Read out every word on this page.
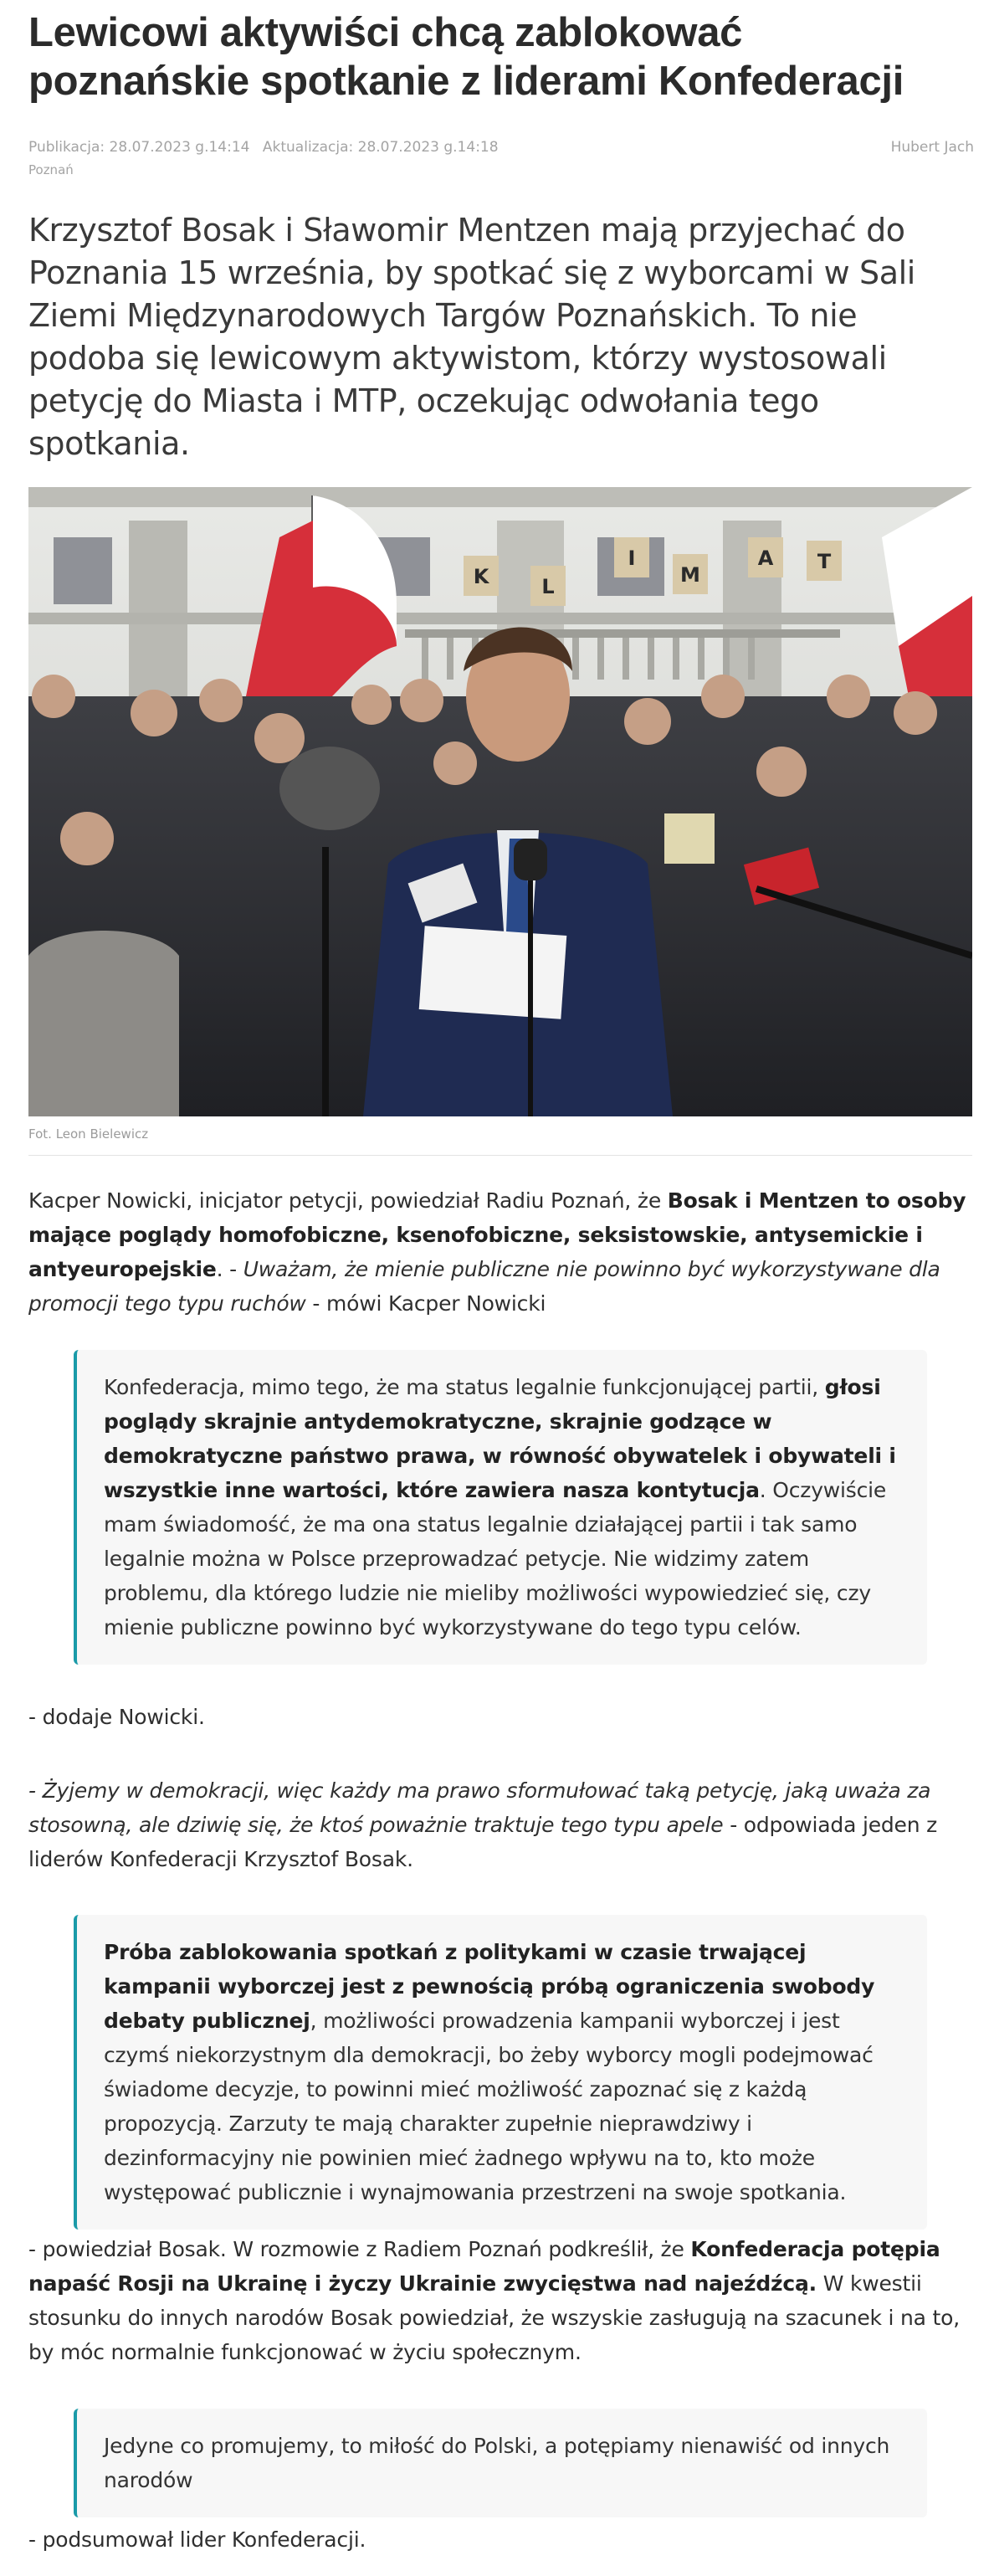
Lewicowi aktywiści chcą zablokować poznańskie spotkanie z liderami Konfederacji
Publikacja: 28.07.2023 g.14:14 Aktualizacja: 28.07.2023 g.14:18	Hubert Jach
Poznań

Krzysztof Bosak i Sławomir Mentzen mają przyjechać do Poznania 15 września, by spotkać się z wyborcami w Sali Ziemi Międzynarodowych Targów Poznańskich. To nie podoba się lewicowym aktywistom, którzy wystosowali petycję do Miasta i MTP, oczekując odwołania tego spotkania.

K	L
I
M
A T
Fot. Leon Bielewicz

Kacper Nowicki, inicjator petycji, powiedział Radiu Poznań, że Bosak i Mentzen to osoby mające poglądy homofobiczne, ksenofobiczne, seksistowskie, antysemickie i antyeuropejskie. - Uważam, że mienie publiczne nie powinno być wykorzystywane dla promocji tego typu ruchów - mówi Kacper Nowicki

Konfederacja, mimo tego, że ma status legalnie funkcjonującej partii, głosi poglądy skrajnie antydemokratyczne, skrajnie godzące w demokratyczne państwo prawa, w równość obywatelek i obywateli i wszystkie inne wartości, które zawiera nasza kontytucja. Oczywiście mam świadomość, że ma ona status legalnie działającej partii i tak samo legalnie można w Polsce przeprowadzać petycje. Nie widzimy zatem problemu, dla którego ludzie nie mieliby możliwości wypowiedzieć się, czy mienie publiczne powinno być wykorzystywane do tego typu celów.

- dodaje Nowicki.

- Żyjemy w demokracji, więc każdy ma prawo sformułować taką petycję, jaką uważa za stosowną, ale dziwię się, że ktoś poważnie traktuje tego typu apele - odpowiada jeden z liderów Konfederacji Krzysztof Bosak.

Próba zablokowania spotkań z politykami w czasie trwającej kampanii wyborczej jest z pewnością próbą ograniczenia swobody debaty publicznej, możliwości prowadzenia kampanii wyborczej i jest czymś niekorzystnym dla demokracji, bo żeby wyborcy mogli podejmować świadome decyzje, to powinni mieć możliwość zapoznać się z każdą propozycją. Zarzuty te mają charakter zupełnie nieprawdziwy i dezinformacyjny nie powinien mieć żadnego wpływu na to, kto może występować publicznie i wynajmowania przestrzeni na swoje spotkania.

- powiedział Bosak. W rozmowie z Radiem Poznań podkreślił, że Konfederacja potępia napaść Rosji na Ukrainę i życzy Ukrainie zwycięstwa nad najeźdźcą. W kwestii stosunku do innych narodów Bosak powiedział, że wszyskie zasługują na szacunek i na to, by móc normalnie funkcjonować w życiu społecznym.

Jedyne co promujemy, to miłość do Polski, a potępiamy nienawiść od innych narodów

- podsumował lider Konfederacji.
